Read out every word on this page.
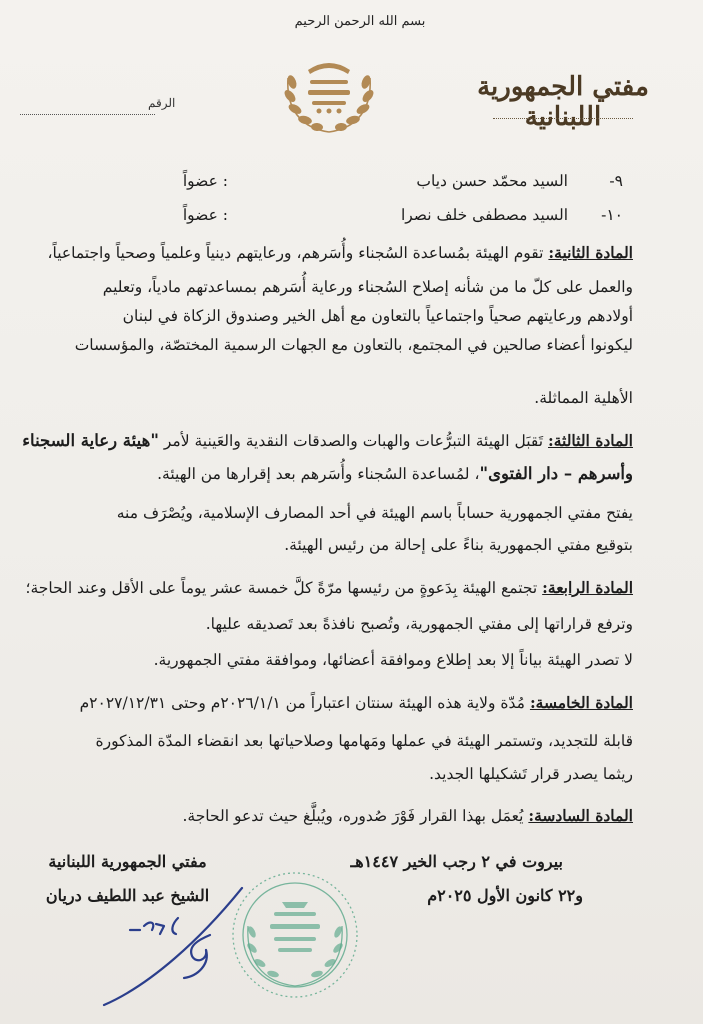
بسم الله الرحمن الرحيم
مفتي الجمهورية اللبنانية
الرقم
٩-
السيد محمّد حسن دياب
: عضواً
١٠-
السيد مصطفى خلف نصرا
: عضواً
المادة الثانية: تقوم الهيئة بمُساعدة السُجناء وأُسَرهم، ورعايتهم دينياً وعلمياً وصحياً واجتماعياً،
والعمل على كلّ ما من شأنه إصلاح السُجناء ورعاية أُسَرهم بمساعدتهم مادياً، وتعليم
أولادهم ورعايتهم صحياً واجتماعياً بالتعاون مع أهل الخير وصندوق الزكاة في لبنان
ليكونوا أعضاء صالحين في المجتمع، بالتعاون مع الجهات الرسمية المختصّة، والمؤسسات
الأهلية المماثلة.
المادة الثالثة: تَقبَل الهيئة التبرُّعات والهبات والصدقات النقدية والعَينية لأمر "هيئة رعاية السجناء
وأسرهم – دار الفتوى"، لمُساعدة السُجناء وأُسَرهم بعد إقرارها من الهيئة.
يفتح مفتي الجمهورية حساباً باسم الهيئة في أحد المصارف الإسلامية، ويُصْرَف منه
بتوقيع مفتي الجمهورية بناءً على إحالة من رئيس الهيئة.
المادة الرابعة: تجتمع الهيئة بِدَعوةٍ من رئيسها مرّةً كلَّ خمسة عشر يوماً على الأقل وعند الحاجة؛
وترفع قراراتها إلى مفتي الجمهورية، وتُصبح نافذةً بعد تَصديقه عليها.
لا تصدر الهيئة بياناً إلا بعد إطلاع وموافقة أعضائها، وموافقة مفتي الجمهورية.
المادة الخامسة: مُدّة ولاية هذه الهيئة سنتان اعتباراً من ٢٠٢٦/١/١م وحتى ٢٠٢٧/١٢/٣١م
قابلة للتجديد، وتستمر الهيئة في عملها ومَهامها وصلاحياتها بعد انقضاء المدّة المذكورة
ريثما يصدر قرار تَشكيلها الجديد.
المادة السادسة: يُعمَل بهذا القرار فَوْرَ صُدوره، ويُبلَّغ حيث تدعو الحاجة.
بيروت في ٢ رجب الخير ١٤٤٧هـ
و٢٢ كانون الأول ٢٠٢٥م
مفتي الجمهورية اللبنانية
الشيخ عبد اللطيف دريان
